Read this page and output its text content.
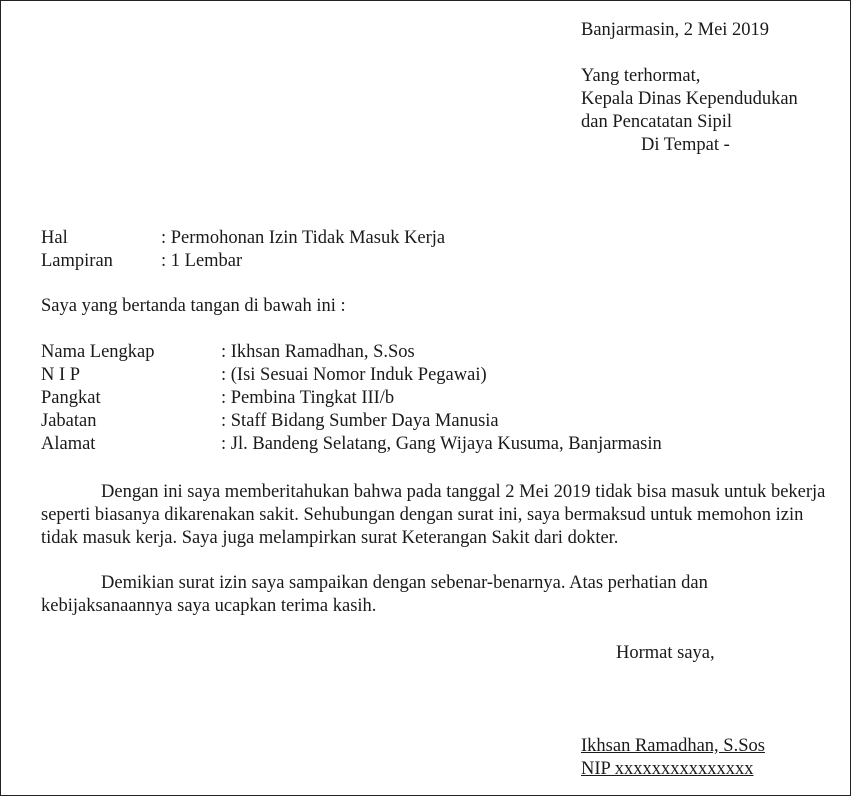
Banjarmasin, 2 Mei 2019
Yang terhormat,
Kepala Dinas Kependudukan
dan Pencatatan Sipil
Di Tempat -
Hal	: Permohonan Izin Tidak Masuk Kerja
Lampiran	: 1 Lembar
Saya yang bertanda tangan di bawah ini :
Nama Lengkap	: Ikhsan Ramadhan, S.Sos
N I P	: (Isi Sesuai Nomor Induk Pegawai)
Pangkat	: Pembina Tingkat III/b
Jabatan	: Staff Bidang Sumber Daya Manusia
Alamat	: Jl. Bandeng Selatang, Gang Wijaya Kusuma, Banjarmasin
Dengan ini saya memberitahukan bahwa pada tanggal 2 Mei 2019 tidak bisa masuk untuk bekerja seperti biasanya dikarenakan sakit. Sehubungan dengan surat ini, saya bermaksud untuk memohon izin tidak masuk kerja. Saya juga melampirkan surat Keterangan Sakit dari dokter.
Demikian surat izin saya sampaikan dengan sebenar-benarnya. Atas perhatian dan kebijaksanaannya saya ucapkan terima kasih.
Hormat saya,
Ikhsan Ramadhan, S.Sos
NIP xxxxxxxxxxxxxxx
